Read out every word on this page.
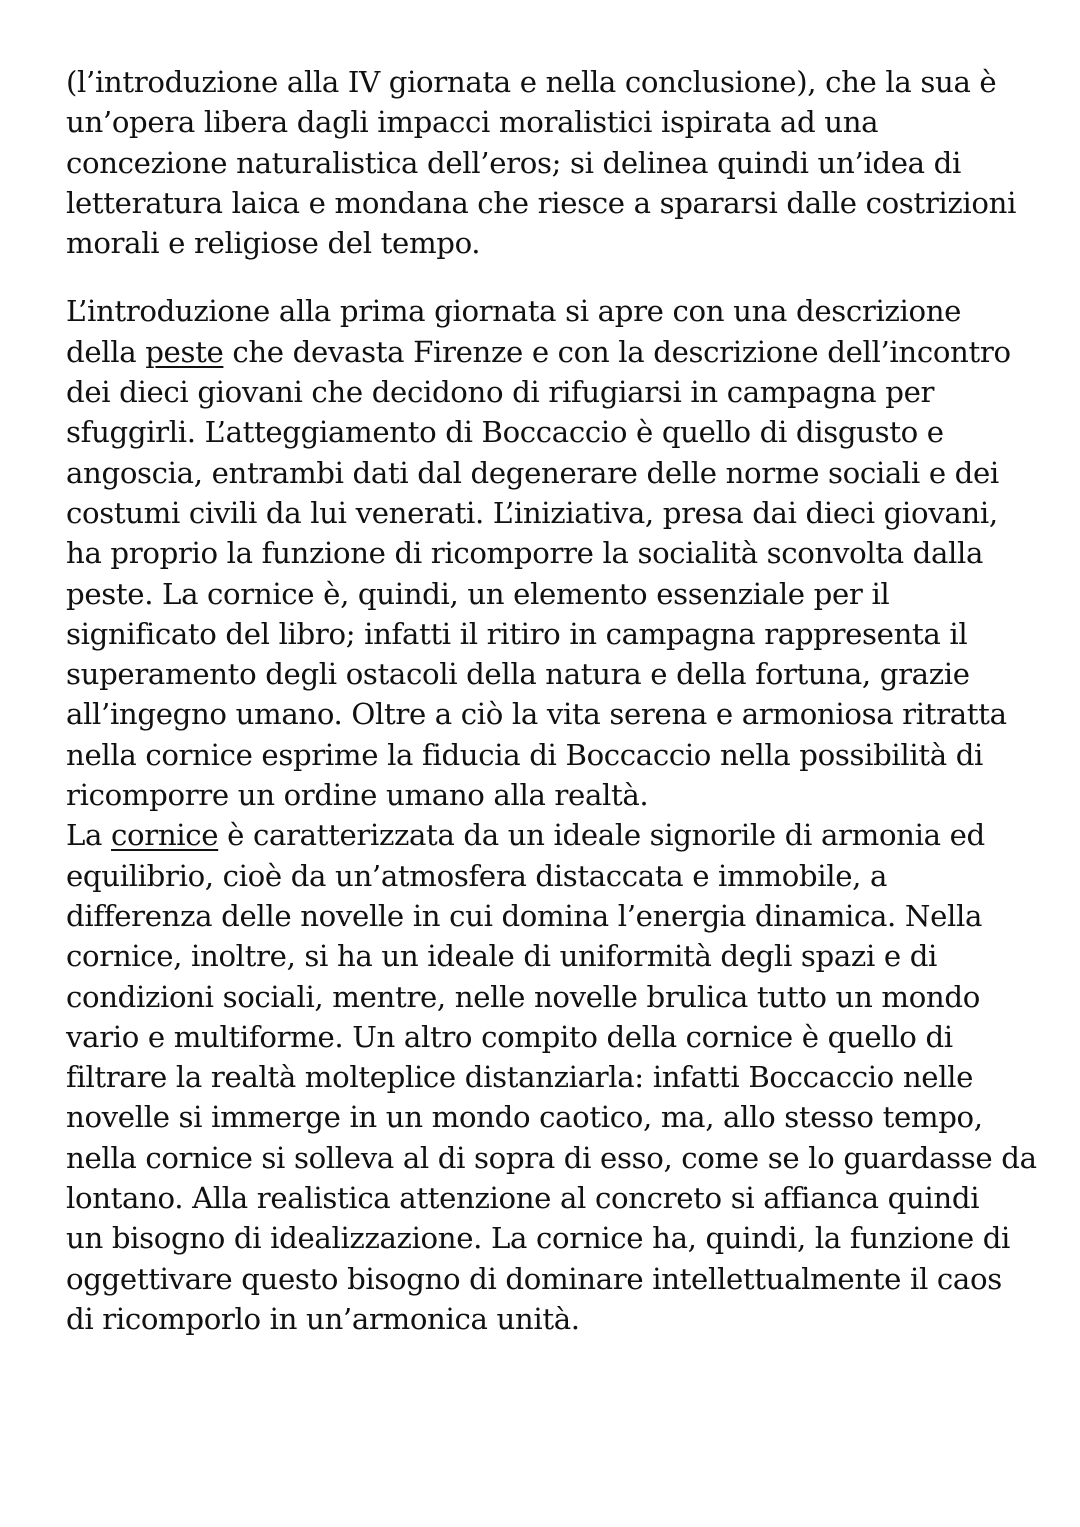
(l’introduzione alla IV giornata e nella conclusione), che la sua è
un’opera libera dagli impacci moralistici ispirata ad una
concezione naturalistica dell’eros; si delinea quindi un’idea di
letteratura laica e mondana che riesce a spararsi dalle costrizioni
morali e religiose del tempo.
L’introduzione alla prima giornata si apre con una descrizione
della peste che devasta Firenze e con la descrizione dell’incontro
dei dieci giovani che decidono di rifugiarsi in campagna per
sfuggirli. L’atteggiamento di Boccaccio è quello di disgusto e
angoscia, entrambi dati dal degenerare delle norme sociali e dei
costumi civili da lui venerati. L’iniziativa, presa dai dieci giovani,
ha proprio la funzione di ricomporre la socialità sconvolta dalla
peste. La cornice è, quindi, un elemento essenziale per il
significato del libro; infatti il ritiro in campagna rappresenta il
superamento degli ostacoli della natura e della fortuna, grazie
all’ingegno umano. Oltre a ciò la vita serena e armoniosa ritratta
nella cornice esprime la fiducia di Boccaccio nella possibilità di
ricomporre un ordine umano alla realtà.
La cornice è caratterizzata da un ideale signorile di armonia ed
equilibrio, cioè da un’atmosfera distaccata e immobile, a
differenza delle novelle in cui domina l’energia dinamica. Nella
cornice, inoltre, si ha un ideale di uniformità degli spazi e di
condizioni sociali, mentre, nelle novelle brulica tutto un mondo
vario e multiforme. Un altro compito della cornice è quello di
filtrare la realtà molteplice distanziarla: infatti Boccaccio nelle
novelle si immerge in un mondo caotico, ma, allo stesso tempo,
nella cornice si solleva al di sopra di esso, come se lo guardasse da
lontano. Alla realistica attenzione al concreto si affianca quindi
un bisogno di idealizzazione. La cornice ha, quindi, la funzione di
oggettivare questo bisogno di dominare intellettualmente il caos
di ricomporlo in un’armonica unità.
